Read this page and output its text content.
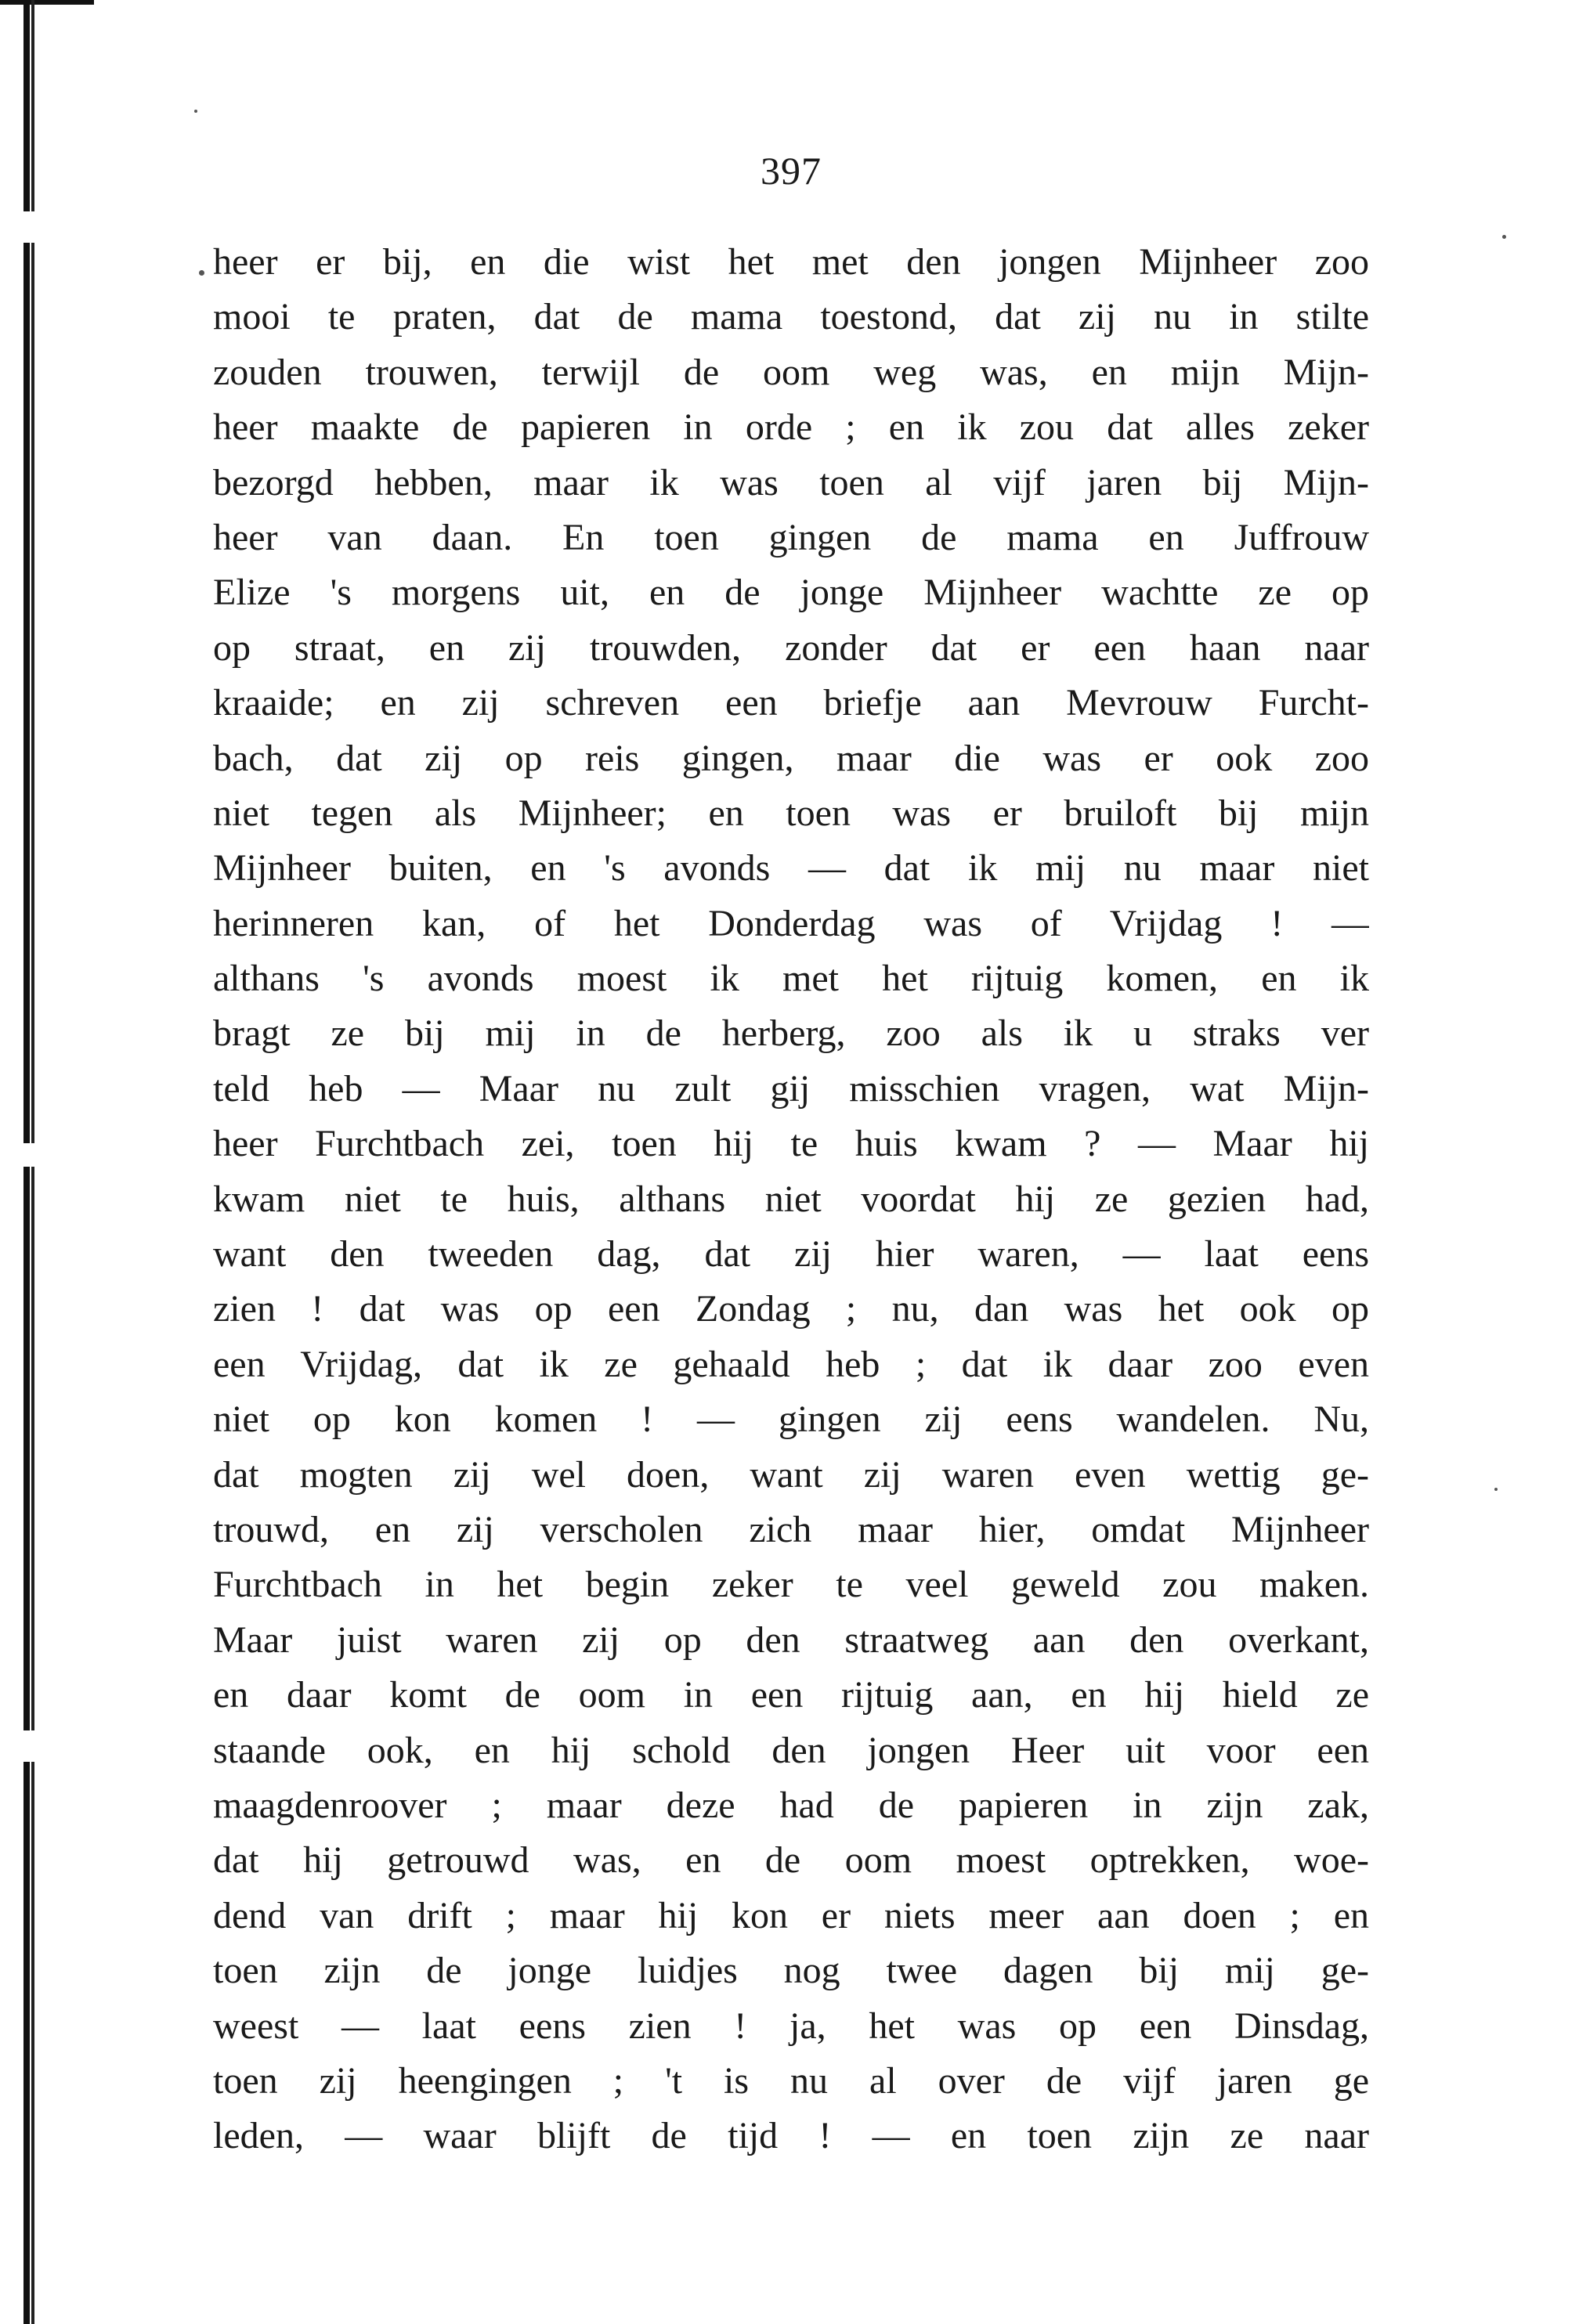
397
heer er bij, en die wist het met den jongen Mijnheer zoo
mooi te praten, dat de mama toestond, dat zij nu in stilte
zouden trouwen, terwijl de oom weg was, en mijn Mijn-
heer maakte de papieren in orde ; en ik zou dat alles zeker
bezorgd hebben, maar ik was toen al vijf jaren bij Mijn-
heer van daan. En toen gingen de mama en Juffrouw
Elize 's morgens uit, en de jonge Mijnheer wachtte ze op
op straat, en zij trouwden, zonder dat er een haan naar
kraaide; en zij schreven een briefje aan Mevrouw Furcht-
bach, dat zij op reis gingen, maar die was er ook zoo
niet tegen als Mijnheer; en toen was er bruiloft bij mijn
Mijnheer buiten, en 's avonds — dat ik mij nu maar niet
herinneren kan, of het Donderdag was of Vrijdag ! —
althans 's avonds moest ik met het rijtuig komen, en ik
bragt ze bij mij in de herberg, zoo als ik u straks ver
teld heb — Maar nu zult gij misschien vragen, wat Mijn-
heer Furchtbach zei, toen hij te huis kwam ? — Maar hij
kwam niet te huis, althans niet voordat hij ze gezien had,
want den tweeden dag, dat zij hier waren, — laat eens
zien ! dat was op een Zondag ; nu, dan was het ook op
een Vrijdag, dat ik ze gehaald heb ; dat ik daar zoo even
niet op kon komen ! — gingen zij eens wandelen. Nu,
dat mogten zij wel doen, want zij waren even wettig ge-
trouwd, en zij verscholen zich maar hier, omdat Mijnheer
Furchtbach in het begin zeker te veel geweld zou maken.
Maar juist waren zij op den straatweg aan den overkant,
en daar komt de oom in een rijtuig aan, en hij hield ze
staande ook, en hij schold den jongen Heer uit voor een
maagdenroover ; maar deze had de papieren in zijn zak,
dat hij getrouwd was, en de oom moest optrekken, woe-
dend van drift ; maar hij kon er niets meer aan doen ; en
toen zijn de jonge luidjes nog twee dagen bij mij ge-
weest — laat eens zien ! ja, het was op een Dinsdag,
toen zij heengingen ; 't is nu al over de vijf jaren ge
leden, — waar blijft de tijd ! — en toen zijn ze naar
